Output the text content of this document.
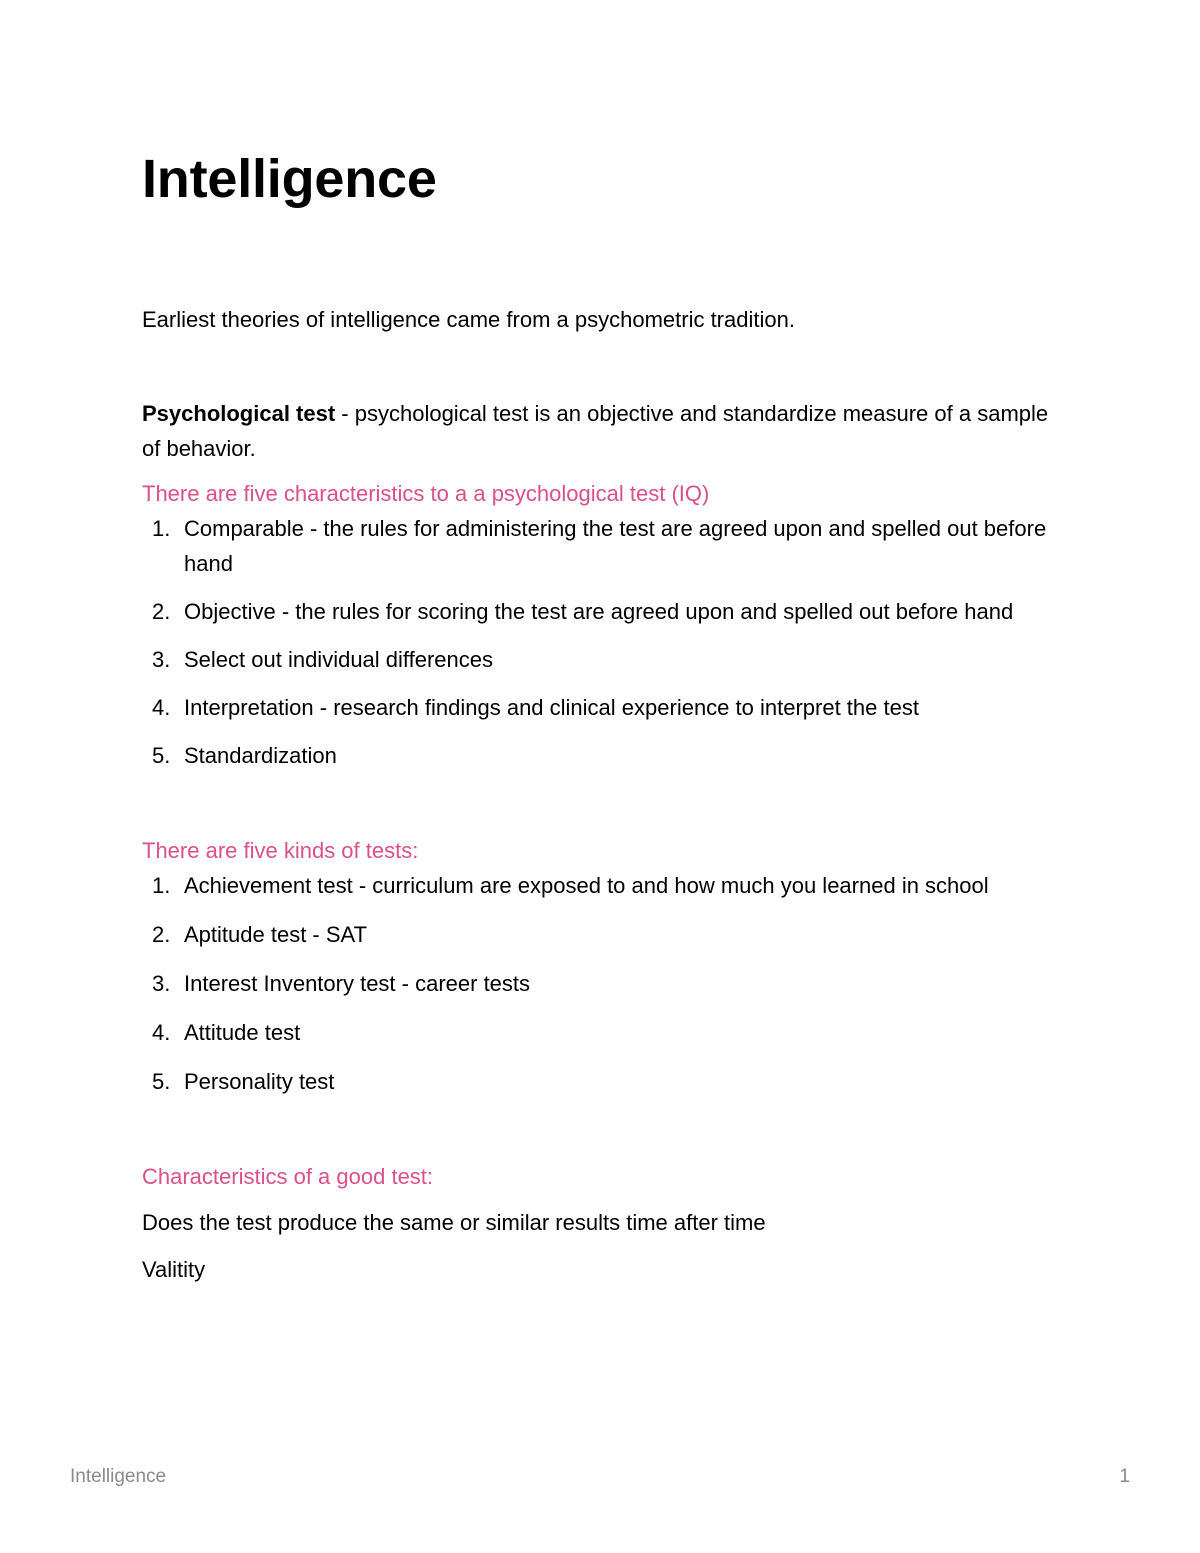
Intelligence

Earliest theories of intelligence came from a psychometric tradition.

Psychological test - psychological test is an objective and standardize measure of a sample of behavior.

There are five characteristics to a a psychological test (IQ)

1. Comparable - the rules for administering the test are agreed upon and spelled out before hand
2. Objective - the rules for scoring the test are agreed upon and spelled out before hand
3. Select out individual differences
4. Interpretation - research findings and clinical experience to interpret the test
5. Standardization

There are five kinds of tests:

1. Achievement test - curriculum are exposed to and how much you learned in school
2. Aptitude test - SAT
3. Interest Inventory test - career tests
4. Attitude test
5. Personality test

Characteristics of a good test:

Does the test produce the same or similar results time after time

Valitity

Intelligence	1
